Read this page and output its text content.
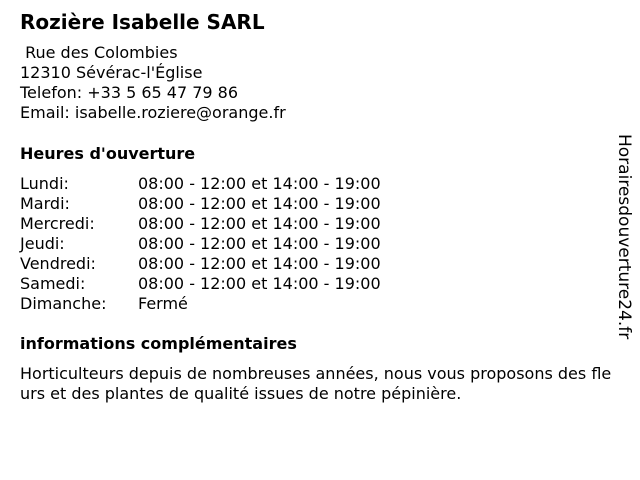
Rozière Isabelle SARL
Rue des Colombies
12310 Sévérac-l'Église
Telefon: +33 5 65 47 79 86
Email: isabelle.roziere@orange.fr
Heures d'ouverture
Lundi:	08:00 - 12:00 et 14:00 - 19:00
Mardi:	08:00 - 12:00 et 14:00 - 19:00
Mercredi:	08:00 - 12:00 et 14:00 - 19:00
Jeudi:	08:00 - 12:00 et 14:00 - 19:00
Vendredi:	08:00 - 12:00 et 14:00 - 19:00
Samedi:	08:00 - 12:00 et 14:00 - 19:00
Dimanche: Fermé
informations complémentaires
Horticulteurs depuis de nombreuses années, nous vous proposons des fleurs et des plantes de qualité issues de notre pépinière.
Horairesdouverture24.fr
